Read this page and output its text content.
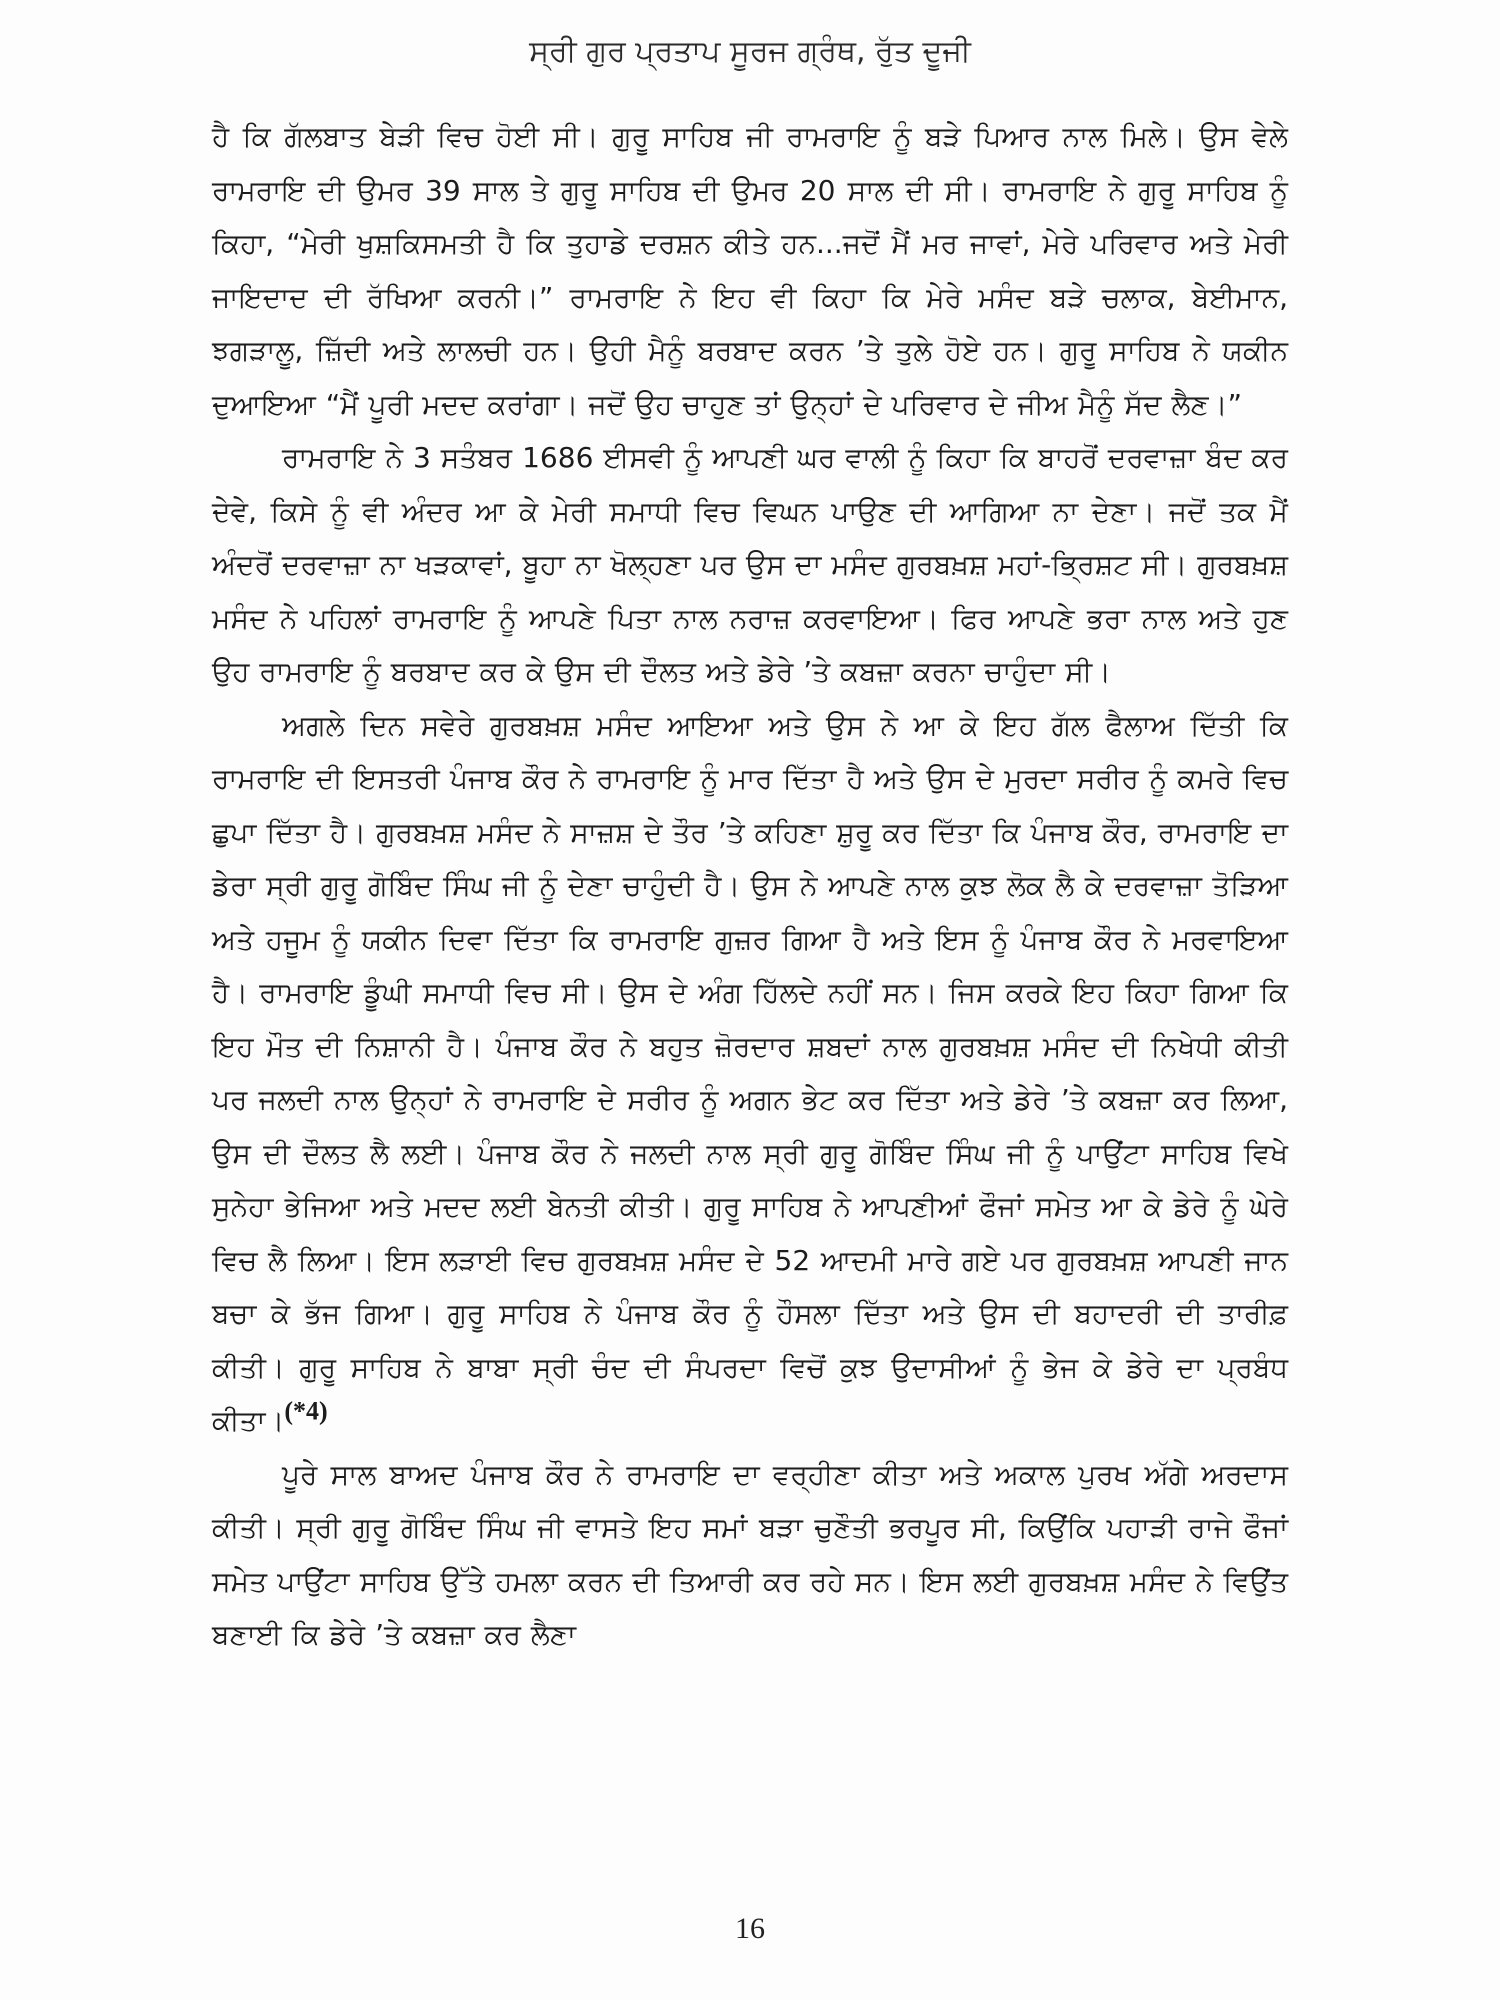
ਸ੍ਰੀ ਗੁਰ ਪ੍ਰਤਾਪ ਸੂਰਜ ਗ੍ਰੰਥ, ਰੁੱਤ ਦੂਜੀ

ਹੈ ਕਿ ਗੱਲਬਾਤ ਬੇੜੀ ਵਿਚ ਹੋਈ ਸੀ। ਗੁਰੂ ਸਾਹਿਬ ਜੀ ਰਾਮਰਾਇ ਨੂੰ ਬੜੇ ਪਿਆਰ ਨਾਲ ਮਿਲੇ। ਉਸ ਵੇਲੇ ਰਾਮਰਾਇ ਦੀ ਉਮਰ 39 ਸਾਲ ਤੇ ਗੁਰੂ ਸਾਹਿਬ ਦੀ ਉਮਰ 20 ਸਾਲ ਦੀ ਸੀ। ਰਾਮਰਾਇ ਨੇ ਗੁਰੂ ਸਾਹਿਬ ਨੂੰ ਕਿਹਾ, “ਮੇਰੀ ਖੁਸ਼ਕਿਸਮਤੀ ਹੈ ਕਿ ਤੁਹਾਡੇ ਦਰਸ਼ਨ ਕੀਤੇ ਹਨ...ਜਦੋਂ ਮੈਂ ਮਰ ਜਾਵਾਂ, ਮੇਰੇ ਪਰਿਵਾਰ ਅਤੇ ਮੇਰੀ ਜਾਇਦਾਦ ਦੀ ਰੱਖਿਆ ਕਰਨੀ।” ਰਾਮਰਾਇ ਨੇ ਇਹ ਵੀ ਕਿਹਾ ਕਿ ਮੇਰੇ ਮਸੰਦ ਬੜੇ ਚਲਾਕ, ਬੇਈਮਾਨ, ਝਗੜਾਲੂ, ਜ਼ਿੱਦੀ ਅਤੇ ਲਾਲਚੀ ਹਨ। ਉਹੀ ਮੈਨੂੰ ਬਰਬਾਦ ਕਰਨ ’ਤੇ ਤੁਲੇ ਹੋਏ ਹਨ। ਗੁਰੂ ਸਾਹਿਬ ਨੇ ਯਕੀਨ ਦੁਆਇਆ “ਮੈਂ ਪੂਰੀ ਮਦਦ ਕਰਾਂਗਾ। ਜਦੋਂ ਉਹ ਚਾਹੁਣ ਤਾਂ ਉਨ੍ਹਾਂ ਦੇ ਪਰਿਵਾਰ ਦੇ ਜੀਅ ਮੈਨੂੰ ਸੱਦ ਲੈਣ।”

ਰਾਮਰਾਇ ਨੇ 3 ਸਤੰਬਰ 1686 ਈਸਵੀ ਨੂੰ ਆਪਣੀ ਘਰ ਵਾਲੀ ਨੂੰ ਕਿਹਾ ਕਿ ਬਾਹਰੋਂ ਦਰਵਾਜ਼ਾ ਬੰਦ ਕਰ ਦੇਵੇ, ਕਿਸੇ ਨੂੰ ਵੀ ਅੰਦਰ ਆ ਕੇ ਮੇਰੀ ਸਮਾਧੀ ਵਿਚ ਵਿਘਨ ਪਾਉਣ ਦੀ ਆਗਿਆ ਨਾ ਦੇਣਾ। ਜਦੋਂ ਤਕ ਮੈਂ ਅੰਦਰੋਂ ਦਰਵਾਜ਼ਾ ਨਾ ਖੜਕਾਵਾਂ, ਬੂਹਾ ਨਾ ਖੋਲ੍ਹਣਾ ਪਰ ਉਸ ਦਾ ਮਸੰਦ ਗੁਰਬਖ਼ਸ਼ ਮਹਾਂ-ਭ੍ਰਿਸ਼ਟ ਸੀ। ਗੁਰਬਖ਼ਸ਼ ਮਸੰਦ ਨੇ ਪਹਿਲਾਂ ਰਾਮਰਾਇ ਨੂੰ ਆਪਣੇ ਪਿਤਾ ਨਾਲ ਨਰਾਜ਼ ਕਰਵਾਇਆ। ਫਿਰ ਆਪਣੇ ਭਰਾ ਨਾਲ ਅਤੇ ਹੁਣ ਉਹ ਰਾਮਰਾਇ ਨੂੰ ਬਰਬਾਦ ਕਰ ਕੇ ਉਸ ਦੀ ਦੌਲਤ ਅਤੇ ਡੇਰੇ ’ਤੇ ਕਬਜ਼ਾ ਕਰਨਾ ਚਾਹੁੰਦਾ ਸੀ।

ਅਗਲੇ ਦਿਨ ਸਵੇਰੇ ਗੁਰਬਖ਼ਸ਼ ਮਸੰਦ ਆਇਆ ਅਤੇ ਉਸ ਨੇ ਆ ਕੇ ਇਹ ਗੱਲ ਫੈਲਾਅ ਦਿੱਤੀ ਕਿ ਰਾਮਰਾਇ ਦੀ ਇਸਤਰੀ ਪੰਜਾਬ ਕੌਰ ਨੇ ਰਾਮਰਾਇ ਨੂੰ ਮਾਰ ਦਿੱਤਾ ਹੈ ਅਤੇ ਉਸ ਦੇ ਮੁਰਦਾ ਸਰੀਰ ਨੂੰ ਕਮਰੇ ਵਿਚ ਛੁਪਾ ਦਿੱਤਾ ਹੈ। ਗੁਰਬਖ਼ਸ਼ ਮਸੰਦ ਨੇ ਸਾਜ਼ਸ਼ ਦੇ ਤੌਰ ’ਤੇ ਕਹਿਣਾ ਸ਼ੁਰੂ ਕਰ ਦਿੱਤਾ ਕਿ ਪੰਜਾਬ ਕੌਰ, ਰਾਮਰਾਇ ਦਾ ਡੇਰਾ ਸ੍ਰੀ ਗੁਰੂ ਗੋਬਿੰਦ ਸਿੰਘ ਜੀ ਨੂੰ ਦੇਣਾ ਚਾਹੁੰਦੀ ਹੈ। ਉਸ ਨੇ ਆਪਣੇ ਨਾਲ ਕੁਝ ਲੋਕ ਲੈ ਕੇ ਦਰਵਾਜ਼ਾ ਤੋੜਿਆ ਅਤੇ ਹਜੂਮ ਨੂੰ ਯਕੀਨ ਦਿਵਾ ਦਿੱਤਾ ਕਿ ਰਾਮਰਾਇ ਗੁਜ਼ਰ ਗਿਆ ਹੈ ਅਤੇ ਇਸ ਨੂੰ ਪੰਜਾਬ ਕੌਰ ਨੇ ਮਰਵਾਇਆ ਹੈ। ਰਾਮਰਾਇ ਡੂੰਘੀ ਸਮਾਧੀ ਵਿਚ ਸੀ। ਉਸ ਦੇ ਅੰਗ ਹਿੱਲਦੇ ਨਹੀਂ ਸਨ। ਜਿਸ ਕਰਕੇ ਇਹ ਕਿਹਾ ਗਿਆ ਕਿ ਇਹ ਮੌਤ ਦੀ ਨਿਸ਼ਾਨੀ ਹੈ। ਪੰਜਾਬ ਕੌਰ ਨੇ ਬਹੁਤ ਜ਼ੋਰਦਾਰ ਸ਼ਬਦਾਂ ਨਾਲ ਗੁਰਬਖ਼ਸ਼ ਮਸੰਦ ਦੀ ਨਿਖੇਧੀ ਕੀਤੀ ਪਰ ਜਲਦੀ ਨਾਲ ਉਨ੍ਹਾਂ ਨੇ ਰਾਮਰਾਇ ਦੇ ਸਰੀਰ ਨੂੰ ਅਗਨ ਭੇਟ ਕਰ ਦਿੱਤਾ ਅਤੇ ਡੇਰੇ ’ਤੇ ਕਬਜ਼ਾ ਕਰ ਲਿਆ, ਉਸ ਦੀ ਦੌਲਤ ਲੈ ਲਈ। ਪੰਜਾਬ ਕੌਰ ਨੇ ਜਲਦੀ ਨਾਲ ਸ੍ਰੀ ਗੁਰੂ ਗੋਬਿੰਦ ਸਿੰਘ ਜੀ ਨੂੰ ਪਾਉਂਟਾ ਸਾਹਿਬ ਵਿਖੇ ਸੁਨੇਹਾ ਭੇਜਿਆ ਅਤੇ ਮਦਦ ਲਈ ਬੇਨਤੀ ਕੀਤੀ। ਗੁਰੂ ਸਾਹਿਬ ਨੇ ਆਪਣੀਆਂ ਫੌਜਾਂ ਸਮੇਤ ਆ ਕੇ ਡੇਰੇ ਨੂੰ ਘੇਰੇ ਵਿਚ ਲੈ ਲਿਆ। ਇਸ ਲੜਾਈ ਵਿਚ ਗੁਰਬਖ਼ਸ਼ ਮਸੰਦ ਦੇ 52 ਆਦਮੀ ਮਾਰੇ ਗਏ ਪਰ ਗੁਰਬਖ਼ਸ਼ ਆਪਣੀ ਜਾਨ ਬਚਾ ਕੇ ਭੱਜ ਗਿਆ। ਗੁਰੂ ਸਾਹਿਬ ਨੇ ਪੰਜਾਬ ਕੌਰ ਨੂੰ ਹੌਸਲਾ ਦਿੱਤਾ ਅਤੇ ਉਸ ਦੀ ਬਹਾਦਰੀ ਦੀ ਤਾਰੀਫ਼ ਕੀਤੀ। ਗੁਰੂ ਸਾਹਿਬ ਨੇ ਬਾਬਾ ਸ੍ਰੀ ਚੰਦ ਦੀ ਸੰਪਰਦਾ ਵਿਚੋਂ ਕੁਝ ਉਦਾਸੀਆਂ ਨੂੰ ਭੇਜ ਕੇ ਡੇਰੇ ਦਾ ਪ੍ਰਬੰਧ ਕੀਤਾ।(*4)

ਪੂਰੇ ਸਾਲ ਬਾਅਦ ਪੰਜਾਬ ਕੌਰ ਨੇ ਰਾਮਰਾਇ ਦਾ ਵਰ੍ਹੀਣਾ ਕੀਤਾ ਅਤੇ ਅਕਾਲ ਪੁਰਖ ਅੱਗੇ ਅਰਦਾਸ ਕੀਤੀ। ਸ੍ਰੀ ਗੁਰੂ ਗੋਬਿੰਦ ਸਿੰਘ ਜੀ ਵਾਸਤੇ ਇਹ ਸਮਾਂ ਬੜਾ ਚੁਣੌਤੀ ਭਰਪੂਰ ਸੀ, ਕਿਉਂਕਿ ਪਹਾੜੀ ਰਾਜੇ ਫੌਜਾਂ ਸਮੇਤ ਪਾਉਂਟਾ ਸਾਹਿਬ ਉੱਤੇ ਹਮਲਾ ਕਰਨ ਦੀ ਤਿਆਰੀ ਕਰ ਰਹੇ ਸਨ। ਇਸ ਲਈ ਗੁਰਬਖ਼ਸ਼ ਮਸੰਦ ਨੇ ਵਿਉਂਤ ਬਣਾਈ ਕਿ ਡੇਰੇ ’ਤੇ ਕਬਜ਼ਾ ਕਰ ਲੈਣਾ

16
